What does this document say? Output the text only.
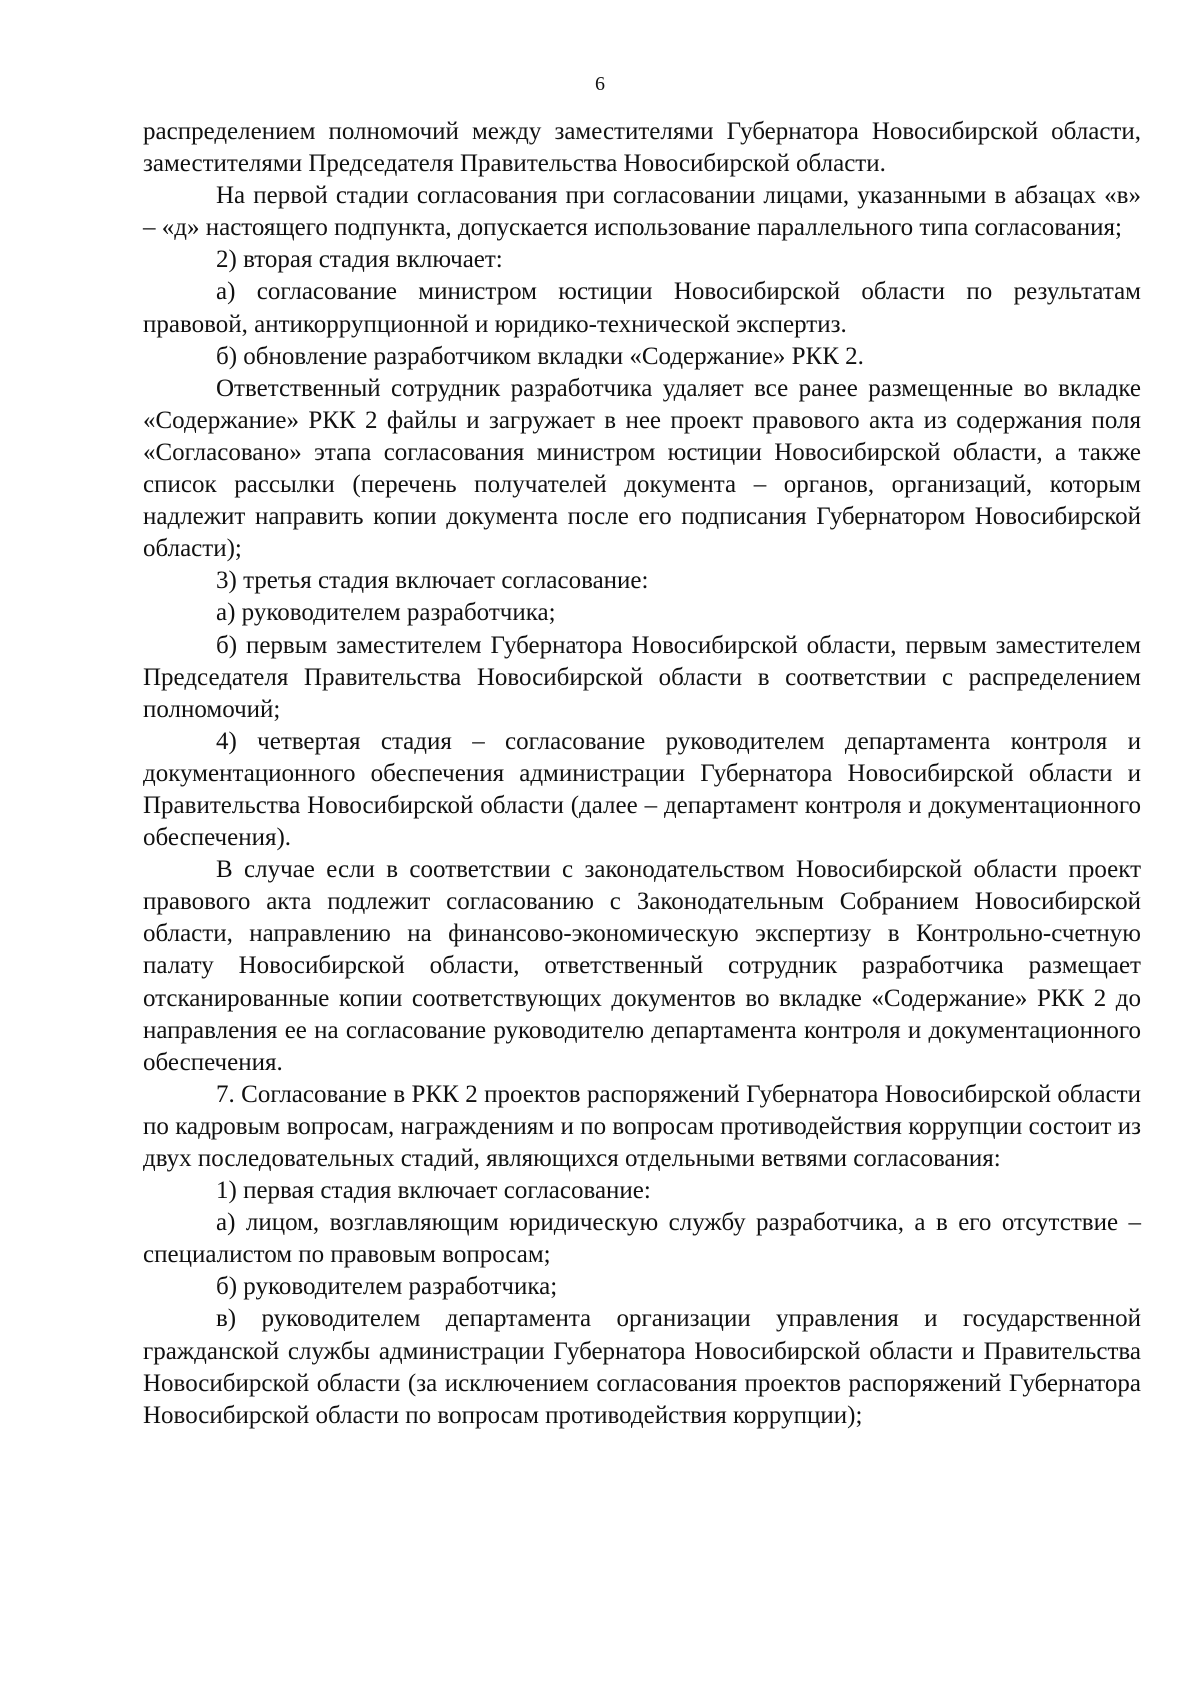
6

распределением полномочий между заместителями Губернатора Новосибирской области, заместителями Председателя Правительства Новосибирской области.

На первой стадии согласования при согласовании лицами, указанными в абзацах «в» – «д» настоящего подпункта, допускается использование параллельного типа согласования;

2) вторая стадия включает:

а) согласование министром юстиции Новосибирской области по результатам правовой, антикоррупционной и юридико-технической экспертиз.

б) обновление разработчиком вкладки «Содержание» РКК 2.

Ответственный сотрудник разработчика удаляет все ранее размещенные во вкладке «Содержание» РКК 2 файлы и загружает в нее проект правового акта из содержания поля «Согласовано» этапа согласования министром юстиции Новосибирской области, а также список рассылки (перечень получателей документа – органов, организаций, которым надлежит направить копии документа после его подписания Губернатором Новосибирской области);

3) третья стадия включает согласование:

а) руководителем разработчика;

б) первым заместителем Губернатора Новосибирской области, первым заместителем Председателя Правительства Новосибирской области в соответствии с распределением полномочий;

4) четвертая стадия – согласование руководителем департамента контроля и документационного обеспечения администрации Губернатора Новосибирской области и Правительства Новосибирской области (далее – департамент контроля и документационного обеспечения).

В случае если в соответствии с законодательством Новосибирской области проект правового акта подлежит согласованию с Законодательным Собранием Новосибирской области, направлению на финансово-экономическую экспертизу в Контрольно-счетную палату Новосибирской области, ответственный сотрудник разработчика размещает отсканированные копии соответствующих документов во вкладке «Содержание» РКК 2 до направления ее на согласование руководителю департамента контроля и документационного обеспечения.

7. Согласование в РКК 2 проектов распоряжений Губернатора Новосибирской области по кадровым вопросам, награждениям и по вопросам противодействия коррупции состоит из двух последовательных стадий, являющихся отдельными ветвями согласования:

1) первая стадия включает согласование:

а) лицом, возглавляющим юридическую службу разработчика, а в его отсутствие – специалистом по правовым вопросам;

б) руководителем разработчика;

в) руководителем департамента организации управления и государственной гражданской службы администрации Губернатора Новосибирской области и Правительства Новосибирской области (за исключением согласования проектов распоряжений Губернатора Новосибирской области по вопросам противодействия коррупции);
